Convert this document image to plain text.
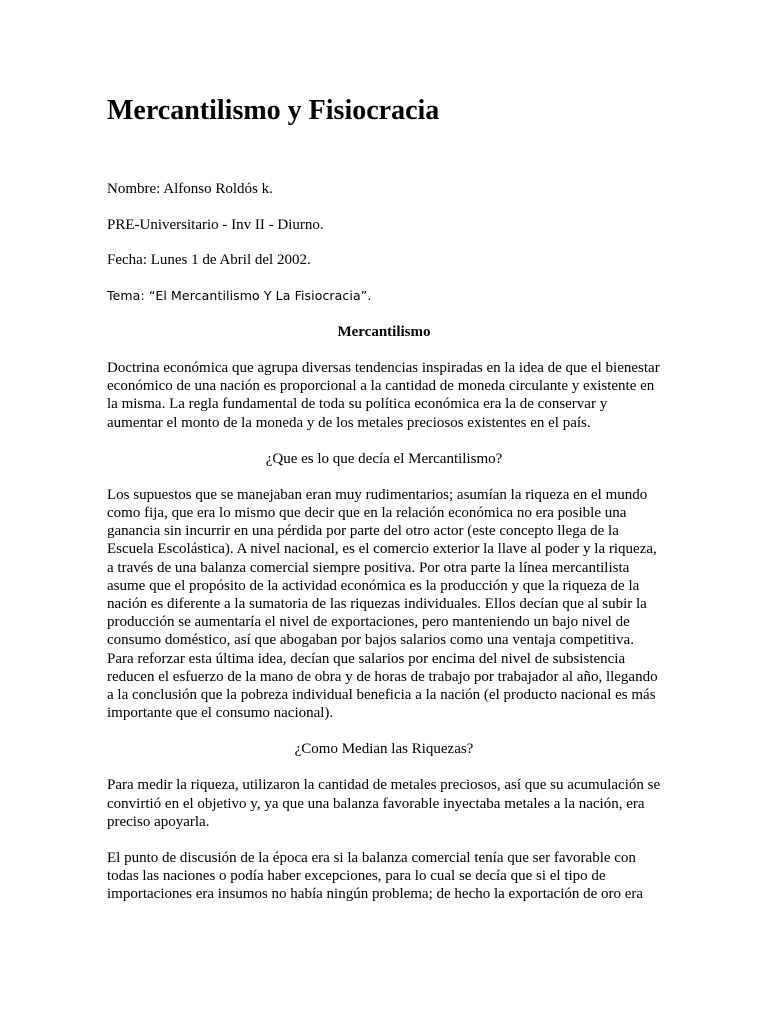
Mercantilismo y Fisiocracia

Nombre: Alfonso Roldós k.

PRE-Universitario - Inv II - Diurno.

Fecha: Lunes 1 de Abril del 2002.

Tema: “El Mercantilismo Y La Fisiocracia”.

Mercantilismo

Doctrina económica que agrupa diversas tendencias inspiradas en la idea de que el bienestar económico de una nación es proporcional a la cantidad de moneda circulante y existente en la misma. La regla fundamental de toda su política económica era la de conservar y aumentar el monto de la moneda y de los metales preciosos existentes en el país.

¿Que es lo que decía el Mercantilismo?

Los supuestos que se manejaban eran muy rudimentarios; asumían la riqueza en el mundo como fija, que era lo mismo que decir que en la relación económica no era posible una ganancia sin incurrir en una pérdida por parte del otro actor (este concepto llega de la Escuela Escolástica). A nivel nacional, es el comercio exterior la llave al poder y la riqueza, a través de una balanza comercial siempre positiva. Por otra parte la línea mercantilista asume que el propósito de la actividad económica es la producción y que la riqueza de la nación es diferente a la sumatoria de las riquezas individuales. Ellos decían que al subir la producción se aumentaría el nivel de exportaciones, pero manteniendo un bajo nivel de consumo doméstico, así que abogaban por bajos salarios como una ventaja competitiva. Para reforzar esta última idea, decían que salarios por encima del nivel de subsistencia reducen el esfuerzo de la mano de obra y de horas de trabajo por trabajador al año, llegando a la conclusión que la pobreza individual beneficia a la nación (el producto nacional es más importante que el consumo nacional).

¿Como Median las Riquezas?

Para medir la riqueza, utilizaron la cantidad de metales preciosos, así que su acumulación se convirtió en el objetivo y, ya que una balanza favorable inyectaba metales a la nación, era preciso apoyarla.

El punto de discusión de la época era si la balanza comercial tenía que ser favorable con todas las naciones o podía haber excepciones, para lo cual se decía que si el tipo de importaciones era insumos no había ningún problema; de hecho la exportación de oro era
